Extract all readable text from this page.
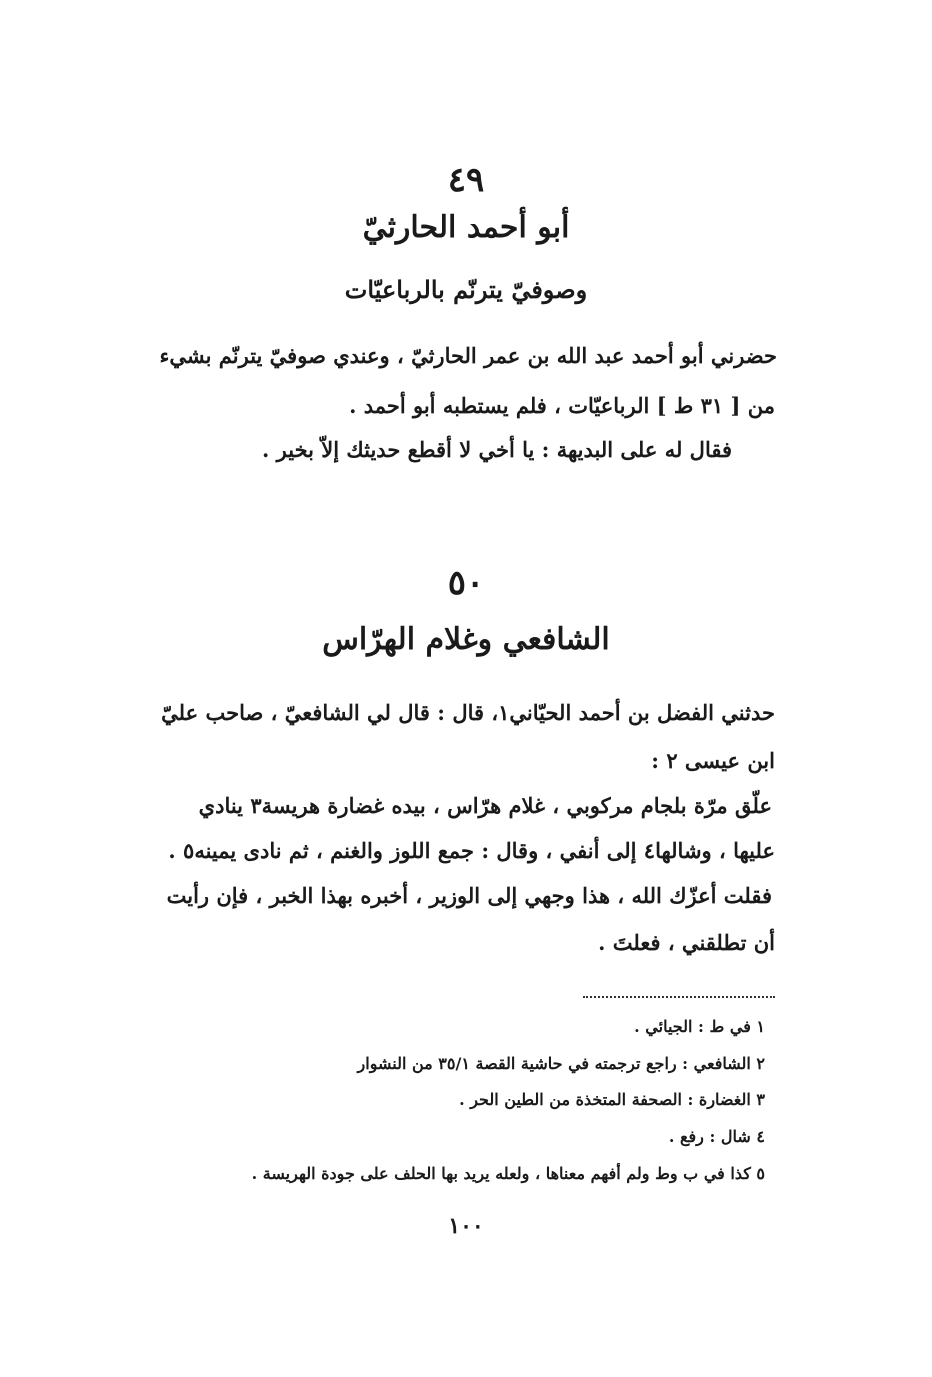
٤٩
أبو أحمد الحارثيّ
وصوفيّ يترنّم بالرباعيّات
حضرني أبو أحمد عبد الله بن عمر الحارثيّ ، وعندي صوفيّ يترنّم بشيء
من [ ٣١ ط ] الرباعيّات ، فلم يستطبه أبو أحمد .
فقال له على البديهة : يا أخي لا أقطع حديثك إلاّ بخير .
٥٠
الشافعي وغلام الهرّاس
حدثني الفضل بن أحمد الحيّاني١، قال : قال لي الشافعيّ ، صاحب عليّ
ابن عيسى ٢ :
علّق مرّة بلجام مركوبي ، غلام هرّاس ، بيده غضارة هريسة٣ ينادي
عليها ، وشالها٤ إلى أنفي ، وقال : جمع اللوز والغنم ، ثم نادى يمينه٥ .
فقلت أعزّك الله ، هذا وجهي إلى الوزير ، أخبره بهذا الخبر ، فإن رأيت
أن تطلقني ، فعلتَ .
١ في ط : الجيائي .
٢ الشافعي : راجع ترجمته في حاشية القصة ٣٥/١ من النشوار
٣ الغضارة : الصحفة المتخذة من الطين الحر .
٤ شال : رفع .
٥ كذا في ب وط ولم أفهم معناها ، ولعله يريد بها الحلف على جودة الهريسة .
١٠٠
